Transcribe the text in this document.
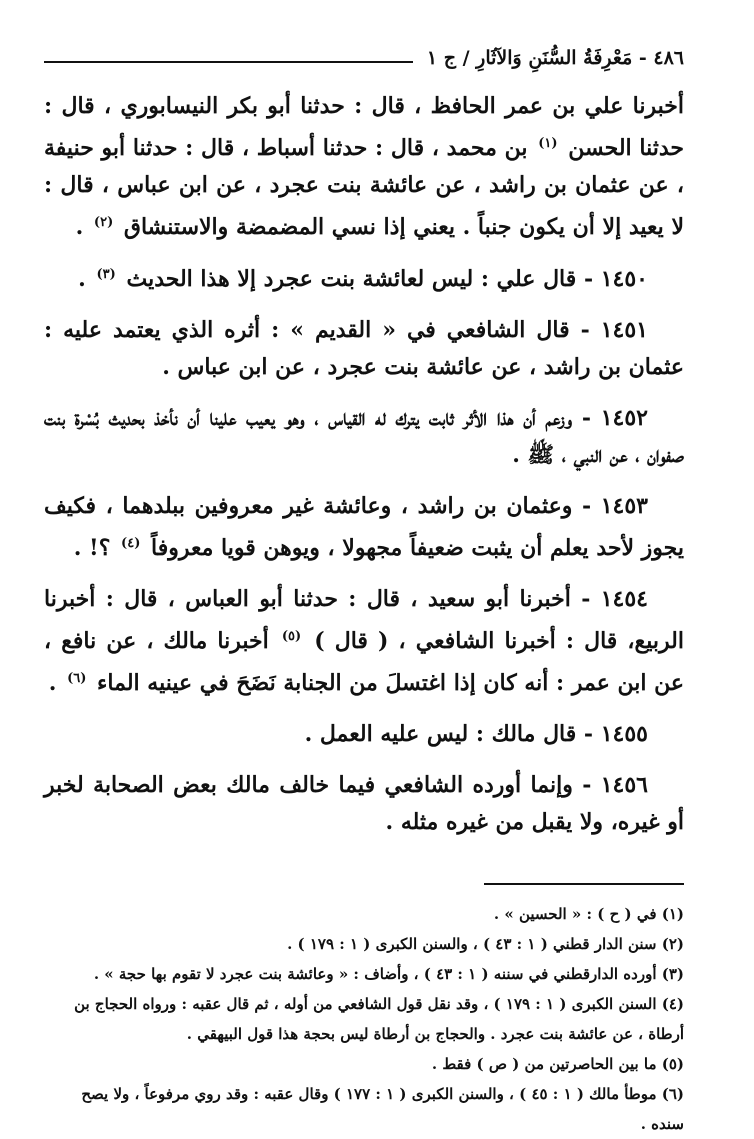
٤٨٦ - مَعْرِفَةُ السُّنَنِ وَالآثَارِ / ج ١

أخبرنا علي بن عمر الحافظ ، قال : حدثنا أبو بكر النيسابوري ، قال : حدثنا الحسن $^{(١)}$ بن محمد ، قال : حدثنا أسباط ، قال : حدثنا أبو حنيفة ، عن عثمان بن راشد ، عن عائشة بنت عجرد ، عن ابن عباس ، قال : لا يعيد إلا أن يكون جنباً . يعني إذا نسي المضمضة والاستنشاق $^{(٢)}$ .

١٤٥٠ - قال علي : ليس لعائشة بنت عجرد إلا هذا الحديث $^{(٣)}$ .

١٤٥١ - قال الشافعي في « القديم » : أثره الذي يعتمد عليه : عثمان بن راشد ، عن عائشة بنت عجرد ، عن ابن عباس .

١٤٥٢ - وزعم أن هذا الأثر ثابت يترك له القياس ، وهو يعيب علينا أن نأخذ بحديث بُسْرة بنت صفوان ، عن النبي ، ﷺ .

١٤٥٣ - وعثمان بن راشد ، وعائشة غير معروفين ببلدهما ، فكيف يجوز لأحد يعلم أن يثبت ضعيفاً مجهولا ، ويوهن قويا معروفاً $^{(٤)}$ ؟! .

١٤٥٤ - أخبرنا أبو سعيد ، قال : حدثنا أبو العباس ، قال : أخبرنا الربيع، قال : أخبرنا الشافعي ، ( قال ) $^{(٥)}$ أخبرنا مالك ، عن نافع ، عن ابن عمر : أنه كان إذا اغتسلَ من الجنابة نَضَحَ في عينيه الماء $^{(٦)}$ .

١٤٥٥ - قال مالك : ليس عليه العمل .

١٤٥٦ - وإنما أورده الشافعي فيما خالف مالك بعض الصحابة لخبر أو غيره، ولا يقبل من غيره مثله .

(١) في ( ح ) : « الحسين » .

(٢) سنن الدار قطني ( ١ : ٤٣ ) ، والسنن الكبرى ( ١ : ١٧٩ ) .

(٣) أورده الدارقطني في سننه ( ١ : ٤٣ ) ، وأضاف : « وعائشة بنت عجرد لا تقوم بها حجة » .

(٤) السنن الكبرى ( ١ : ١٧٩ ) ، وقد نقل قول الشافعي من أوله ، ثم قال عقبه : ورواه الحجاج بن أرطاة ، عن عائشة بنت عجرد . والحجاج بن أرطاة ليس بحجة هذا قول البيهقي .

(٥) ما بين الحاصرتين من ( ص ) فقط .

(٦) موطأ مالك ( ١ : ٤٥ ) ، والسنن الكبرى ( ١ : ١٧٧ ) وقال عقبه : وقد روي مرفوعاً ، ولا يصح سنده .
